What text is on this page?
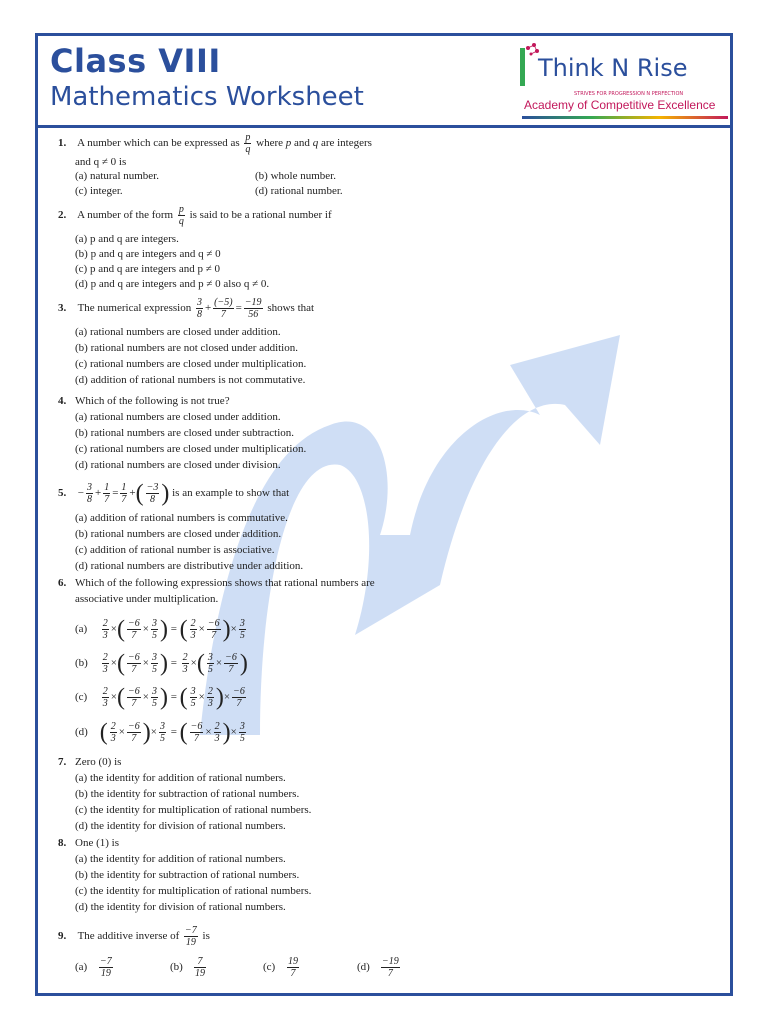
Class VIII
Mathematics Worksheet
Think N Rise
STRIVES FOR PROGRESSION N PERFECTION
Academy of Competitive Excellence
1. A number which can be expressed as $\frac{p}{q}$ where p and q are integers
and q ≠ 0 is
(a) natural number.	(b) whole number.
(c) integer.	(d) rational number.
2. A number of the form $\frac{p}{q}$ is said to be a rational number if
(a) p and q are integers.
(b) p and q are integers and q ≠ 0
(c) p and q are integers and p ≠ 0
(d) p and q are integers and p ≠ 0 also q ≠ 0.
3. The numerical expression $\frac{3}{8} + \frac{(-5)}{7} = \frac{-19}{56}$ shows that
(a) rational numbers are closed under addition.
(b) rational numbers are not closed under addition.
(c) rational numbers are closed under multiplication.
(d) addition of rational numbers is not commutative.
4. Which of the following is not true?
(a) rational numbers are closed under addition.
(b) rational numbers are closed under subtraction.
(c) rational numbers are closed under multiplication.
(d) rational numbers are closed under division.
5. − $\frac{3}{8} + \frac{1}{7} = \frac{1}{7}$ +( $\frac{-3}{8}$ ) is an example to show that
(a) addition of rational numbers is commutative.
(b) rational numbers are closed under addition.
(c) addition of rational number is associative.
(d) rational numbers are distributive under addition.
6. Which of the following expressions shows that rational numbers are
associative under multiplication.
$(a) \frac{2}{3}$ ×( $\frac{-6}{7} \times \frac{3}{5}$ ) = ( $\frac{2}{3} \times \frac{-6}{7}$ )× $\frac{3}{5}$
$(b) \frac{2}{3}$ ×( $\frac{-6}{7} \times \frac{3}{5}$ ) = $\frac{2}{3}$ ×( $\frac{3}{5} \times \frac{-6}{7}$ )
$(c) \frac{2}{3}$ ×( $\frac{-6}{7} \times \frac{3}{5}$ ) = ( $\frac{3}{5} \times \frac{2}{3}$ )× $\frac{-6}{7}$
(d) ( $\frac{2}{3} \times \frac{-6}{7}$ )× $\frac{3}{5}$ = ( $\frac{-6}{7} \times \frac{2}{3}$ )× $\frac{3}{5}$
7. Zero (0) is
(a) the identity for addition of rational numbers.
(b) the identity for subtraction of rational numbers.
(c) the identity for multiplication of rational numbers.
(d) the identity for division of rational numbers.
8. One (1) is
(a) the identity for addition of rational numbers.
(b) the identity for subtraction of rational numbers.
(c) the identity for multiplication of rational numbers.
(d) the identity for division of rational numbers.
9. The additive inverse of $\frac{-7}{19}$ is
$(a) \frac{-7}{19}$	$(b) \frac{7}{19}$	$(c) \frac{19}{7}$	$(d) \frac{-19}{7}$
